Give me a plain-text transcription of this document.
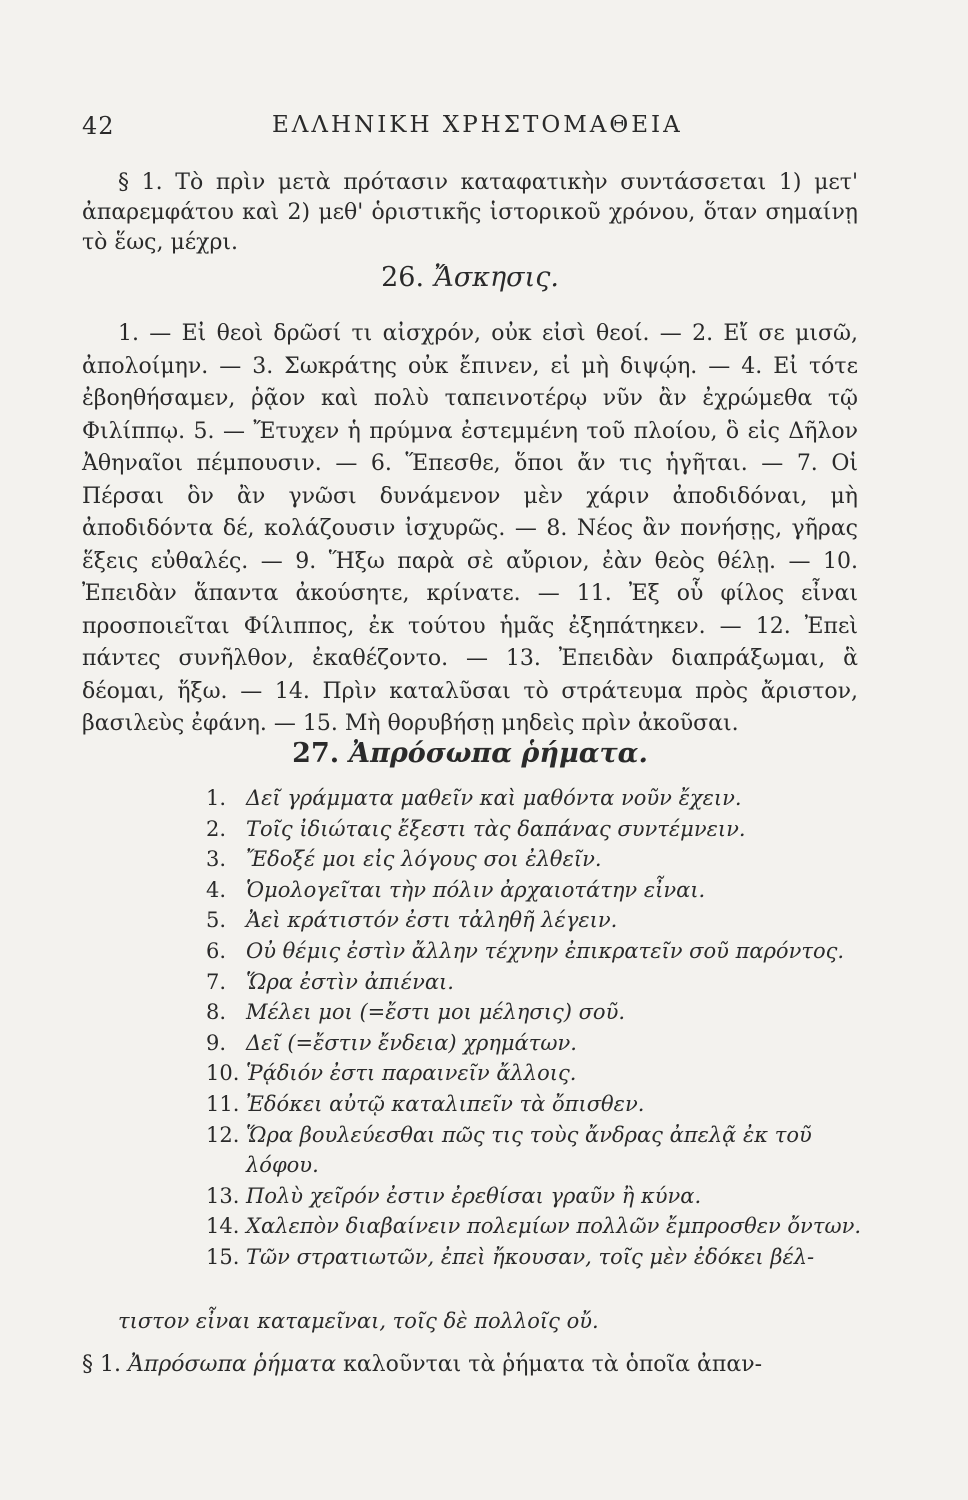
42	ΕΛΛΗΝΙΚΗ ΧΡΗΣΤΟΜΑΘΕΙΑ

§ 1. Τὸ πρὶν μετὰ πρότασιν καταφατικὴν συντάσσεται 1) μετ' ἀπαρεμφάτου καὶ 2) μεθ' ὁριστικῆς ἱστορικοῦ χρόνου, ὅταν σημαίνῃ τὸ ἕως, μέχρι.

26. Ἄσκησις.

1. — Εἰ θεοὶ δρῶσί τι αἰσχρόν, οὐκ εἰσὶ θεοί. — 2. Εἴ σε μισῶ, ἀπολοίμην. — 3. Σωκράτης οὐκ ἔπινεν, εἰ μὴ διψῴη. — 4. Εἰ τότε ἐβοηθήσαμεν, ῥᾷον καὶ πολὺ ταπεινοτέρῳ νῦν ἂν ἐχρώμεθα τῷ Φιλίππῳ. 5. — Ἔτυχεν ἡ πρύμνα ἐστεμμένη τοῦ πλοίου, ὃ εἰς Δῆλον Ἀθηναῖοι πέμπουσιν. — 6. Ἕπεσθε, ὅποι ἄν τις ἡγῆται. — 7. Οἱ Πέρσαι ὃν ἂν γνῶσι δυνάμενον μὲν χάριν ἀποδιδόναι, μὴ ἀποδιδόντα δέ, κολάζουσιν ἰσχυρῶς. — 8. Νέος ἂν πονήσῃς, γῆρας ἕξεις εὐθαλές. — 9. Ἥξω παρὰ σὲ αὔριον, ἐὰν θεὸς θέλῃ. — 10. Ἐπειδὰν ἅπαντα ἀκούσητε, κρίνατε. — 11. Ἐξ οὗ φίλος εἶναι προσποιεῖται Φίλιππος, ἐκ τούτου ἡμᾶς ἐξηπάτηκεν. — 12. Ἐπεὶ πάντες συνῆλθον, ἐκαθέζοντο. — 13. Ἐπειδὰν διαπράξωμαι, ἃ δέομαι, ἥξω. — 14. Πρὶν καταλῦσαι τὸ στράτευμα πρὸς ἄριστον, βασιλεὺς ἐφάνη. — 15. Μὴ θορυβήσῃ μηδεὶς πρὶν ἀκοῦσαι.

27. Ἀπρόσωπα ῥήματα.
1. Δεῖ γράμματα μαθεῖν καὶ μαθόντα νοῦν ἔχειν.
2. Τοῖς ἰδιώταις ἔξεστι τὰς δαπάνας συντέμνειν.
3. Ἔδοξέ μοι εἰς λόγους σοι ἐλθεῖν.
4. Ὁμολογεῖται τὴν πόλιν ἀρχαιοτάτην εἶναι.
5. Ἀεὶ κράτιστόν ἐστι τἀληθῆ λέγειν.
6. Οὐ θέμις ἐστὶν ἄλλην τέχνην ἐπικρατεῖν σοῦ παρόντος.
7. Ὥρα ἐστὶν ἀπιέναι.
8. Μέλει μοι (=ἔστι μοι μέλησις) σοῦ.
9. Δεῖ (=ἔστιν ἔνδεια) χρημάτων.
10. Ῥᾴδιόν ἐστι παραινεῖν ἄλλοις.
11. Ἐδόκει αὐτῷ καταλιπεῖν τὰ ὄπισθεν.
12. Ὥρα βουλεύεσθαι πῶς τις τοὺς ἄνδρας ἀπελᾷ ἐκ τοῦ
λόφου.
13. Πολὺ χεῖρόν ἐστιν ἐρεθίσαι γραῦν ἢ κύνα.
14. Χαλεπὸν διαβαίνειν πολεμίων πολλῶν ἔμπροσθεν ὄντων.
15. Τῶν στρατιωτῶν, ἐπεὶ ἤκουσαν, τοῖς μὲν ἐδόκει βέλ-
τιστον εἶναι καταμεῖναι, τοῖς δὲ πολλοῖς οὔ.
§ 1. Ἀπρόσωπα ῥήματα καλοῦνται τὰ ῥήματα τὰ ὁποῖα ἀπαν-
